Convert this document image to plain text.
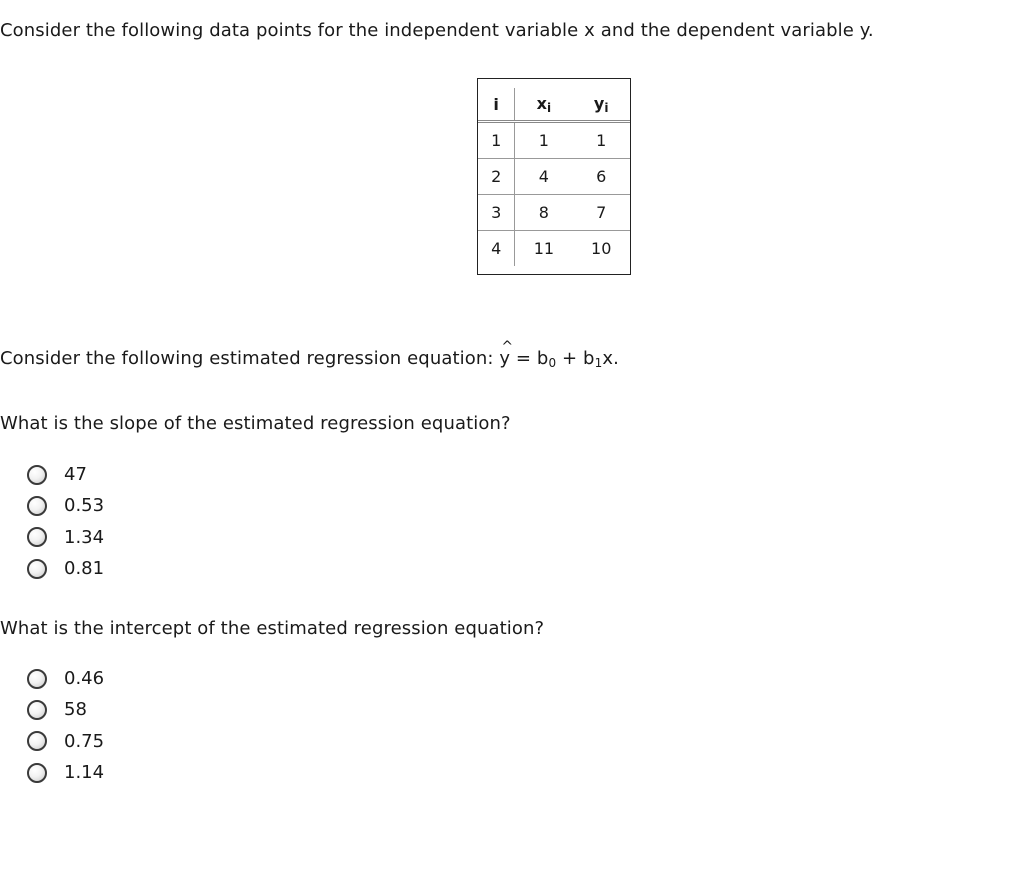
Consider the following data points for the independent variable x and the dependent variable y.
i	$x_i$	$y_i$
1	1	1
2	4	6
3	8	7
4	11	10
Consider the following estimated regression equation: ^ $y = b_0 + b_1x$.
What is the slope of the estimated regression equation?
47
0.53
1.34
0.81
What is the intercept of the estimated regression equation?
0.46
58
0.75
1.14
